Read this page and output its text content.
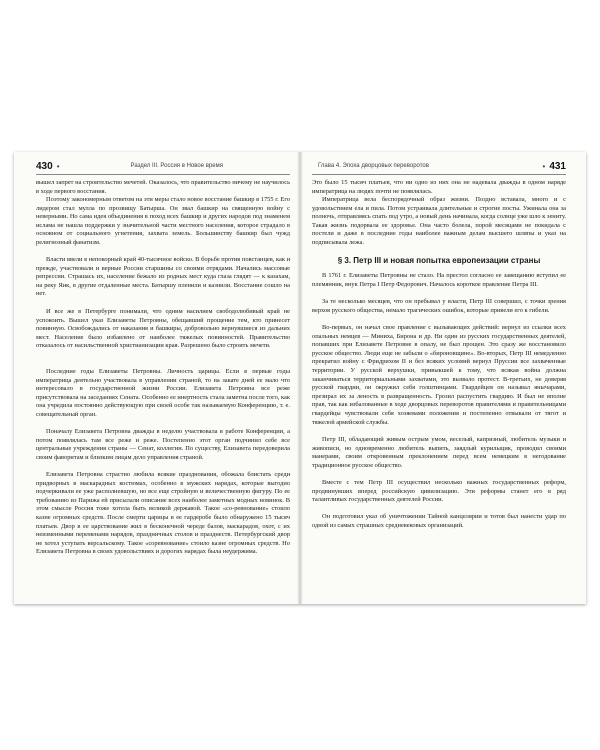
430 •	Раздел III. Россия в Новое время

вышел запрет на строительство мечетей. Оказалось, что правительство ничему не научилось в ходе первого восстания.

Поэтому закономерным ответом на эти меры стало новое восстание башкир в 1755 г. Его лидером стал мулла по прозвищу Батырша. Он звал башкир на священную войну с неверными. Но сама идея объединения в поход всех башкир и других народов под знаменем ислама не нашла поддержки у значительной части местного населения, которое страдало в основном от социального угнетения, захвата земель. Большинству башкир был чужд религиозный фанатизм.

Власти ввели в непокорный край 40-тысячное войско. В борьбе против повстанцев, как и прежде, участвовали и верные России старшины со своими отрядами. Начались массовые репрессии. Страшась их, население бежало из родных мест куда глаза глядят — к казахам, на реку Яик, в другие отдаленные места. Батыршу пленили и казнили. Восстание сошло на нет.

И все же в Петербурге понимали, что одним насилием свободолюбивый край не успокоить. Вышел указ Елизаветы Петровны, обещавший прощение тем, кто принесет повинную. Освобождались от наказания и башкиры, добровольно вернувшиеся из дальних мест. Население было избавлено от наиболее тяжелых повинностей. Правительство отказалось от насильственной христианизации края. Разрешено было строить мечети.

Последние годы Елизаветы Петровны. Личность царицы. Если в первые годы императрица деятельно участвовала в управлении страной, то на закате дней ее мало что интересовало в государственной жизни России. Елизавета Петровна все реже присутствовала на заседаниях Сената. Особенно ее инертность стала заметна после того, как она учредила постоянно действующую при своей особе так называемую Конференцию, т. е. совещательный орган.

Поначалу Елизавета Петровна дважды в неделю участвовала в работе Конференции, а потом появлялась там все реже и реже. Постепенно этот орган подчинил себе все центральные учреждения страны — Сенат, коллегии. По существу, Елизавета передоверила своим фаворитам и близким лицам дело управления страной.

Елизавета Петровна страстно любила всякие празднования, обожала блистать среди придворных в маскарадных костюмах, особенно в мужских нарядах, которые выгодно подчеркивали ее уже располневшую, но все еще стройную и величественную фигуру. По ее требованию из Парижа ей присылали описание всех наиболее заметных модных новинок. В этом смысле Россия тоже хотела быть великой державой. Такое «со-ревнование» стоило казне огромных средств. После смерти царицы в ее гардеробе было обнаружено 15 тысяч платьев. Двор в ее царствование жил в бесконечной череде балов, маскарадов, охот, с их неизменными переменами нарядов, праздничных столов и празднеств. Петербургский двор не хотел уступать версальскому. Такое «соревнование» стоило казне огромных средств. Но Елизавета Петровна в своих удовольствиях и дорогих нарядах была неудержима.

Глава 4. Эпоха дворцовых переворотов	• 431

Это было 15 тысяч платьев, что ни одно из них она не надевала дважды в одном наряде императрица на людях почти не появлялась.

Императрица вела беспорядочный образ жизни. Поздно вставала, много и с удовольствием ела и пила. Потом устраивала длительные и строгие посты. Ужинала она за полночь, отправляясь спать под утро, а новый день начинала, когда солнце уже шло к зениту. Такая жизнь подорвала ее здоровье. Она часто болела, порой месяцами не покидала с постели и даже в последние годы наиболее важным делам высшего шляпы и указ на подписывала лежа.

§ 3. Петр III и новая попытка европеизации страны

В 1761 г. Елизаветы Петровны не стало. На престол согласно ее завещанию вступил ее племянник, внук Петра I Петр Федорович. Началось короткое правление Петра III.

За те несколько месяцев, что он пребывал у власти, Петр III совершил, с точки зрения верхов русского общества, немало трагических ошибок, которые привели его к гибели.

Во-первых, он начал свое правление с вызывающих действий: вернул из ссылки всех опальных немцев — Миниха, Бирона и др. Ни один из русских государственных деятелей, попавших при Елизавете Петровне в опалу, не был прощен. Это сразу же восстановило русское общество. Люди еще не забыли о «бироновщине». Во-вторых, Петр III немедленно прекратил войну с Фридрихом II и без всяких условий вернул Пруссии все захваченные территории. У русской верхушки, привыкшей к тому, что всякая война должна заканчиваться территориальными захватами, это вызвало протест. В-третьих, не доверяя русской гвардии, он окружил себя голштинцами. Гвардейцев он называл янычарами, презирал их за леность в развращенность. Грозил распустить гвардию. И был не вполне прав, так как избалованные в ходе дворцовых переворотов правителями и правительницами гвардейцы чувствовали себя хозяевами положения и постепенно отвыкали от тягот и тяжелой армейской службы.

Петр III, обладающий живым острым умом, веселый, капризный, любитель музыки и живописи, но одновременно любитель выпить, заядлый курильщик, проводил своими манерами, своим откровенным преклонением перед всем немецким в негодование традиционное русское общество.

Вместе с тем Петр III осуществил несколько важных государственных реформ, продвинувших вперед российскую цивилизацию. Эти реформы станет его в ряд талантливых государственных деятелей России.

Он подготовил указ об уничтожении Тайной канцелярии и тотов был нанести удар по одной из самых страшных средневековых организаций.
